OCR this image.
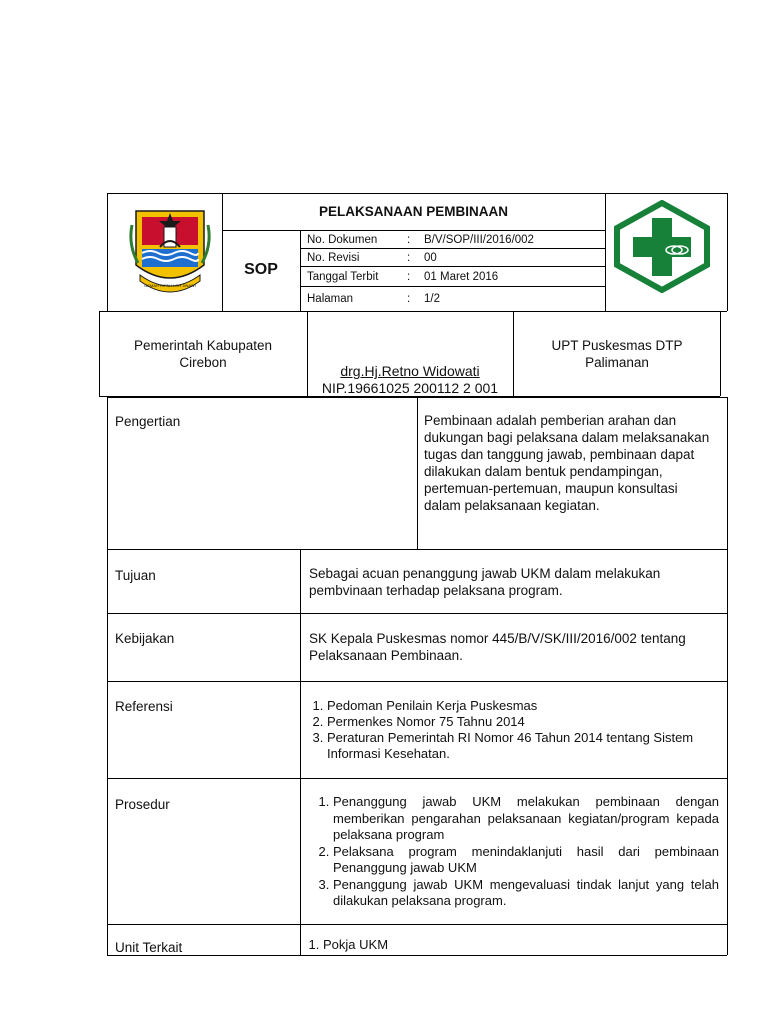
GEMAH RIPAH LOH JINAWI
PELAKSANAAN PEMBINAAN
SOP
No. Dokumen	: B/V/SOP/III/2016/002
No. Revisi	: 00
Tanggal Terbit : 01 Maret 2016
Halaman	: 1/2
Pemerintah Kabupaten Cirebon
drg.Hj.Retno Widowati
NIP.19661025 200112 2 001
UPT Puskesmas DTP Palimanan
Pengertian	Pembinaan adalah pemberian arahan dan dukungan bagi pelaksana dalam melaksanakan tugas dan tanggung jawab, pembinaan dapat dilakukan dalam bentuk pendampingan, pertemuan-pertemuan, maupun konsultasi dalam pelaksanaan kegiatan.
Tujuan	Sebagai acuan penanggung jawab UKM dalam melakukan pembvinaan terhadap pelaksana program.
Kebijakan	SK Kepala Puskesmas nomor 445/B/V/SK/III/2016/002 tentang Pelaksanaan Pembinaan.
Referensi	1. Pedoman Penilain Kerja Puskesmas
2. Permenkes Nomor 75 Tahnu 2014
3. Peraturan Pemerintah RI Nomor 46 Tahun 2014 tentang Sistem Informasi Kesehatan.
Prosedur	1. Penanggung jawab UKM melakukan pembinaan dengan memberikan pengarahan pelaksanaan kegiatan/program kepada pelaksana program
2. Pelaksana program menindaklanjuti hasil dari pembinaan Penanggung jawab UKM
3. Penanggung jawab UKM mengevaluasi tindak lanjut yang telah dilakukan pelaksana program.
Unit Terkait	1. Pokja UKM
